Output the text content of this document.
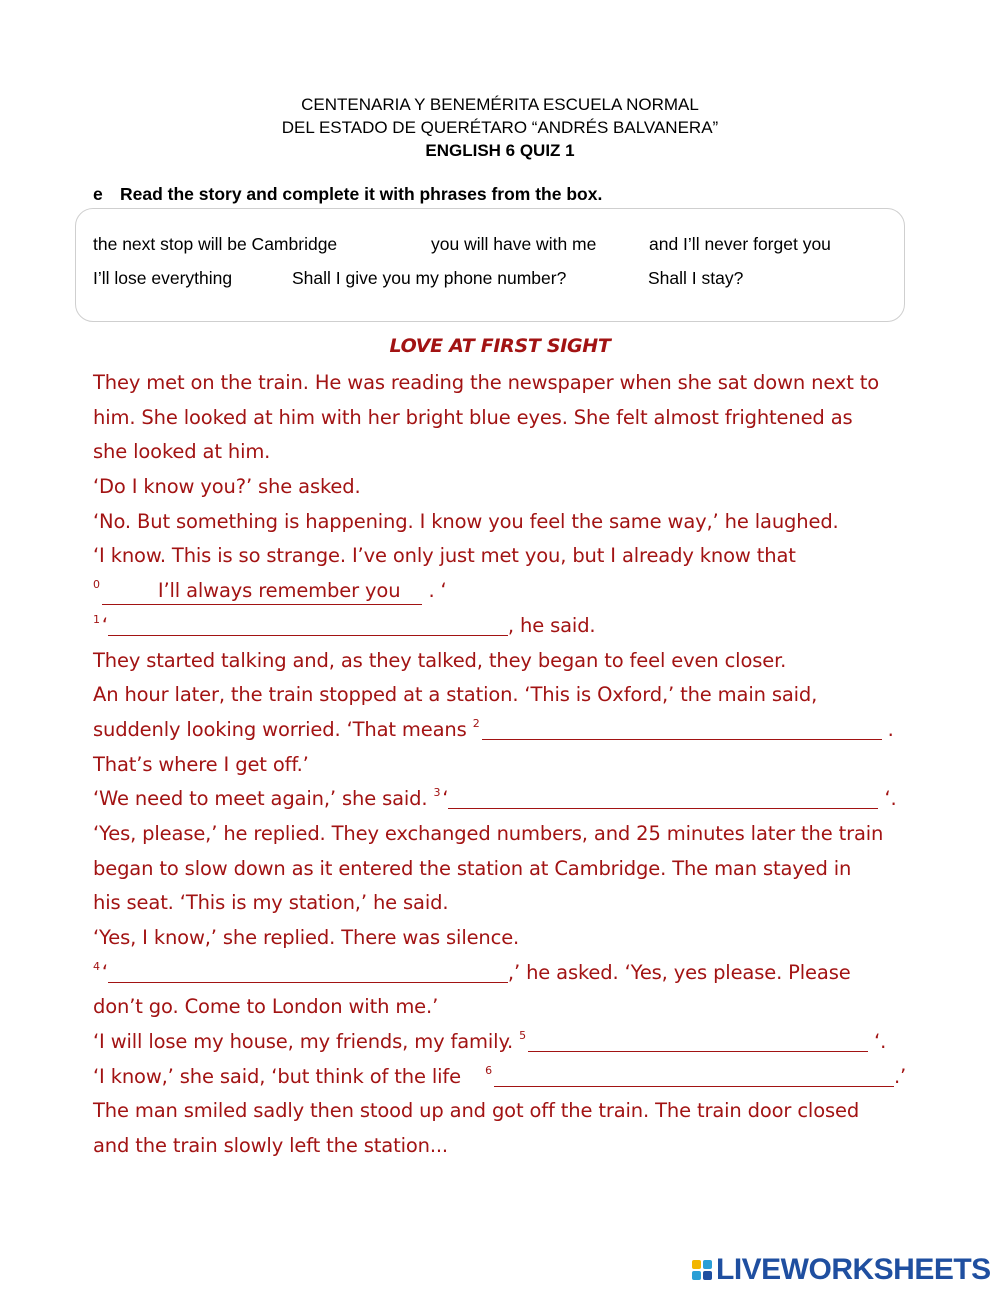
CENTENARIA Y BENEMÉRITA ESCUELA NORMAL
DEL ESTADO DE QUERÉTARO “ANDRÉS BALVANERA”
ENGLISH 6 QUIZ 1
e Read the story and complete it with phrases from the box.
the next stop will be Cambridge	you will have with me	and I’ll never forget you
I’ll lose everything	Shall I give you my phone number?	Shall I stay?
LOVE AT FIRST SIGHT
They met on the train. He was reading the newspaper when she sat down next to
him. She looked at him with her bright blue eyes. She felt almost frightened as
she looked at him.
‘Do I know you?’ she asked.
‘No. But something is happening. I know you feel the same way,’ he laughed.
‘I know. This is so strange. I’ve only just met you, but I already know that
$^0$	I’ll always remember you . ‘
$^1$ ‘	, he said.
They started talking and, as they talked, they began to feel even closer.
An hour later, the train stopped at a station. ‘This is Oxford,’ the main said,
suddenly looking worried. ‘That means $^2$	.
That’s where I get off.’
‘We need to meet again,’ she said. $^3$ ‘	‘.
‘Yes, please,’ he replied. They exchanged numbers, and 25 minutes later the train
began to slow down as it entered the station at Cambridge. The man stayed in
his seat. ‘This is my station,’ he said.
‘Yes, I know,’ she replied. There was silence.
$^4$ ‘	,’ he asked. ‘Yes, yes please. Please
don’t go. Come to London with me.’
‘I will lose my house, my friends, my family. $^5$	‘.
‘I know,’ she said, ‘but think of the life    $^6$	.’
The man smiled sadly then stood up and got off the train. The train door closed
and the train slowly left the station...
LIVEWORKSHEETS
